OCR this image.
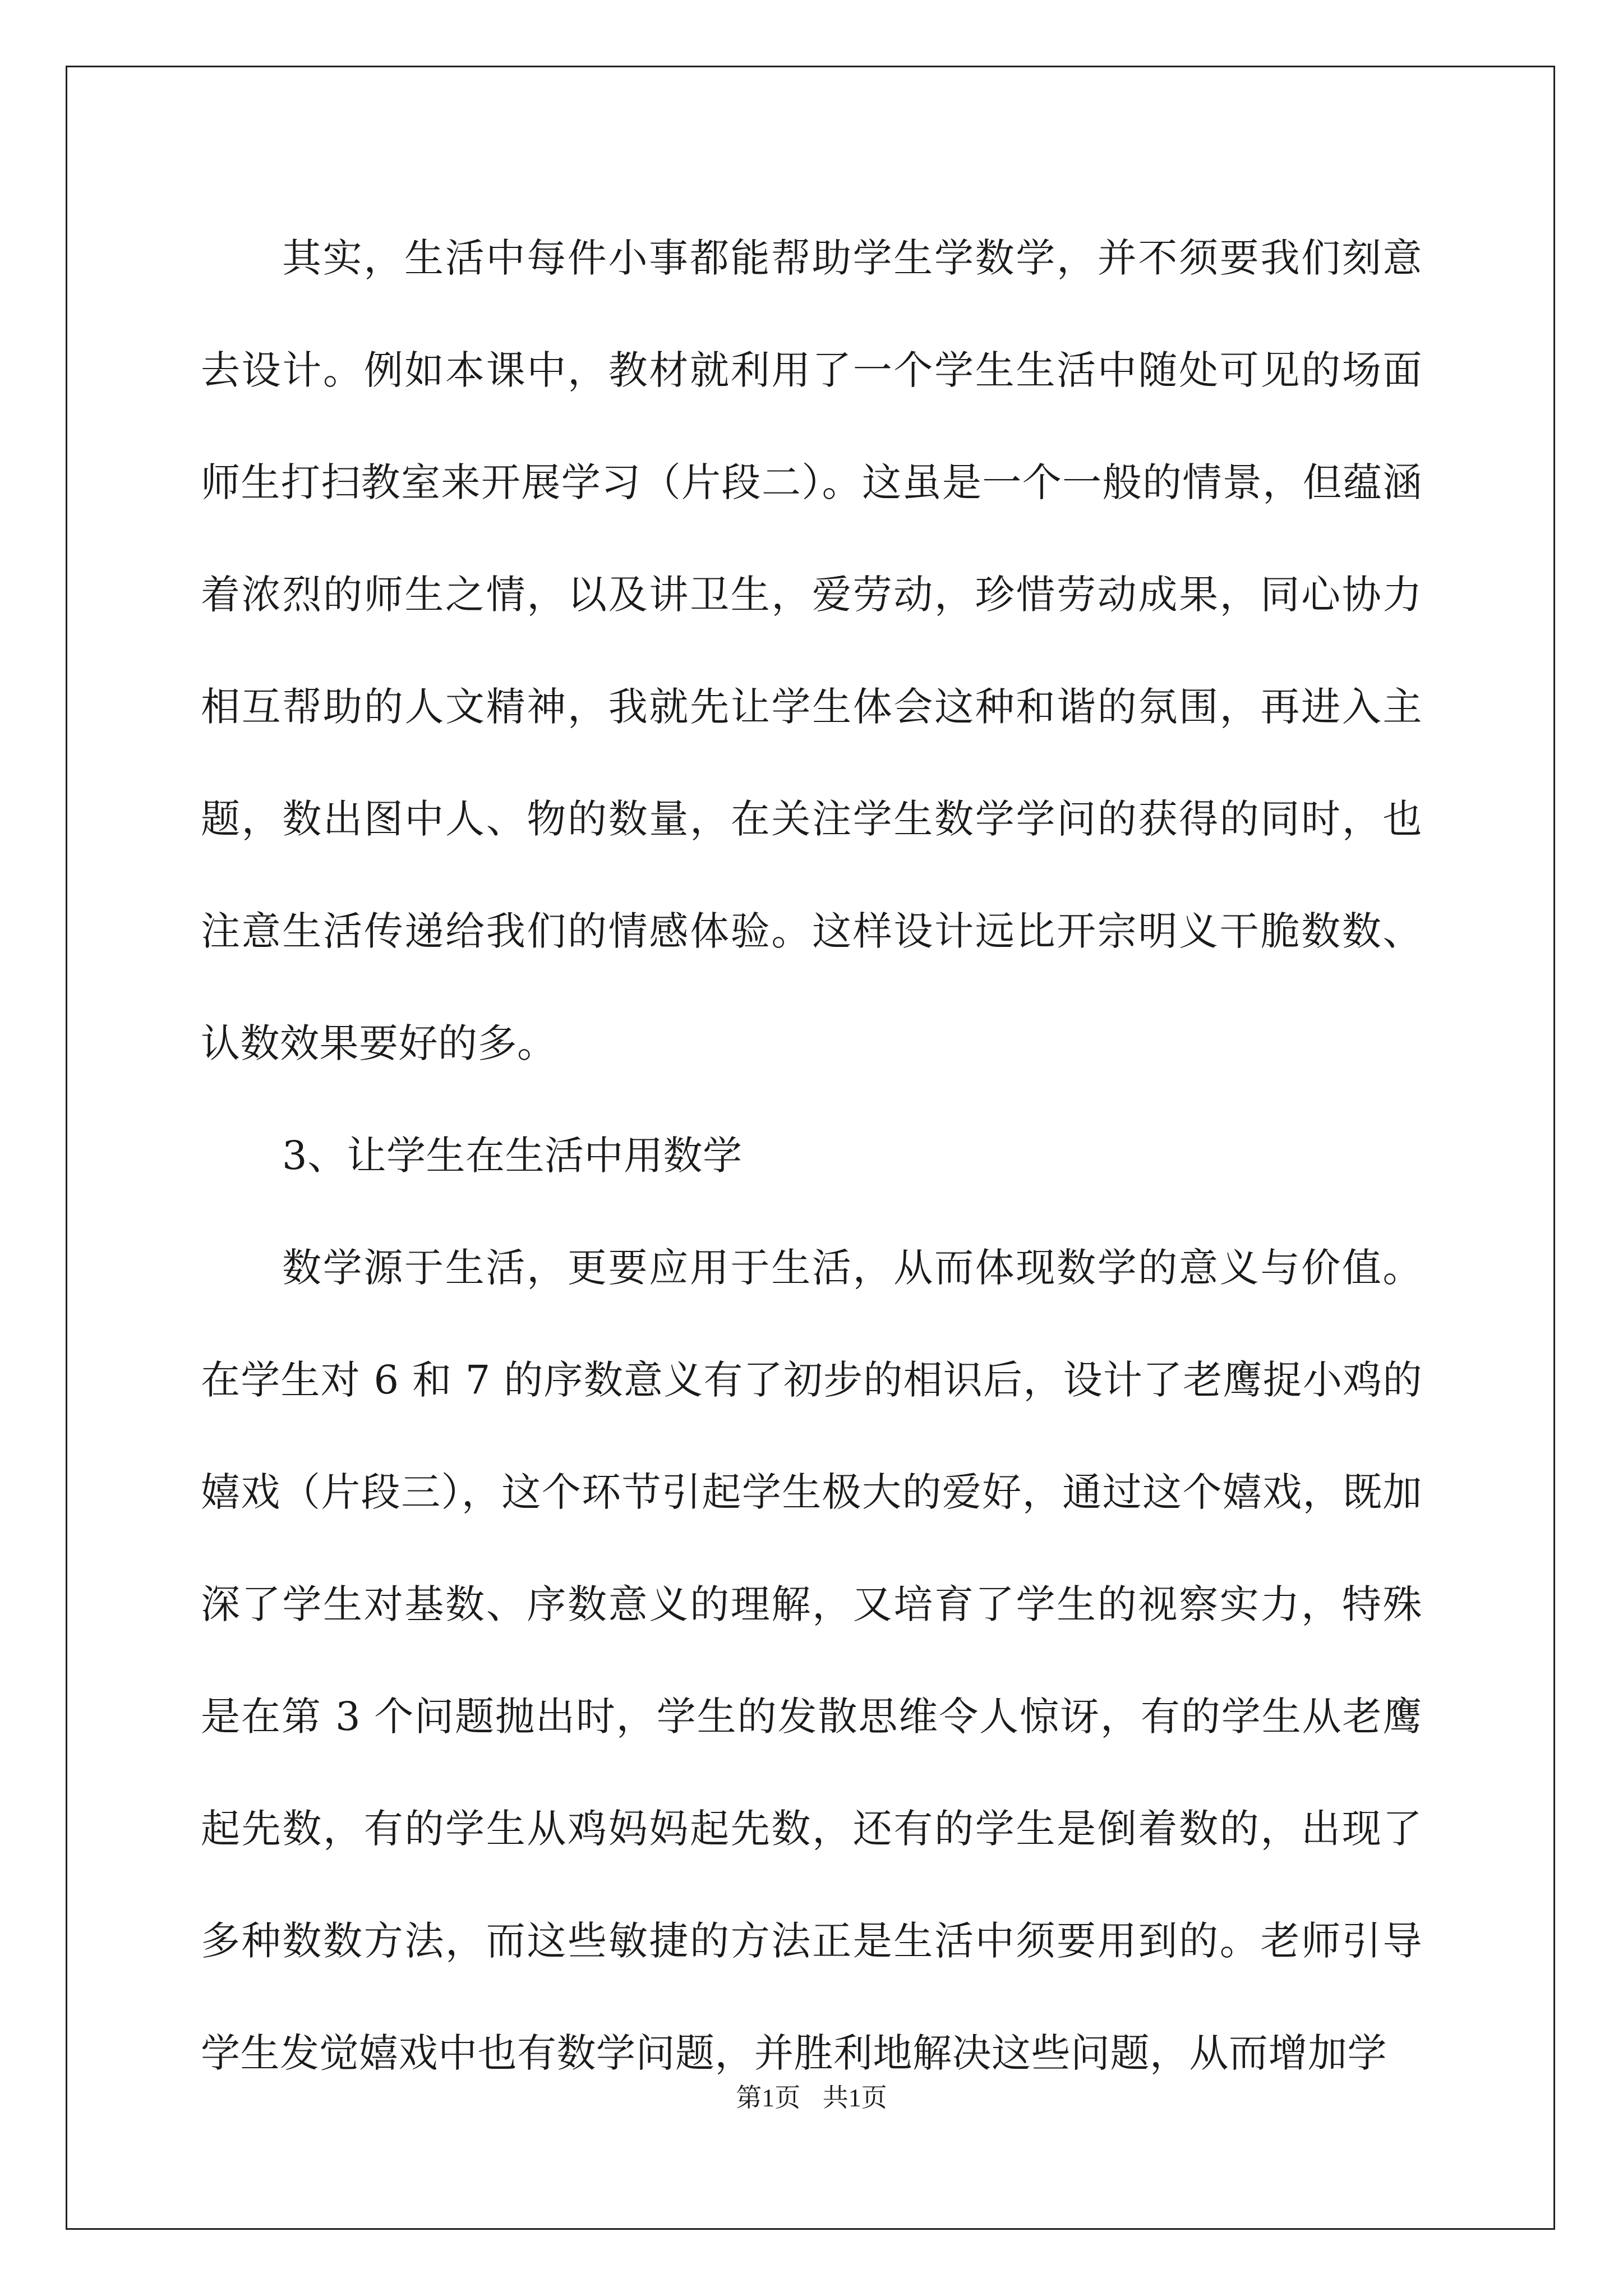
其实，生活中每件小事都能帮助学生学数学，并不须要我们刻意去设计。例如本课中，教材就利用了一个学生生活中随处可见的场面师生打扫教室来开展学习（片段二）。这虽是一个一般的情景，但蕴涵着浓烈的师生之情，以及讲卫生，爱劳动，珍惜劳动成果，同心协力相互帮助的人文精神，我就先让学生体会这种和谐的氛围，再进入主题，数出图中人、物的数量，在关注学生数学学问的获得的同时，也注意生活传递给我们的情感体验。这样设计远比开宗明义干脆数数、认数效果要好的多。

3、让学生在生活中用数学

数学源于生活，更要应用于生活，从而体现数学的意义与价值。在学生对 6 和 7 的序数意义有了初步的相识后，设计了老鹰捉小鸡的嬉戏（片段三），这个环节引起学生极大的爱好，通过这个嬉戏，既加深了学生对基数、序数意义的理解，又培育了学生的视察实力，特殊是在第 3 个问题抛出时，学生的发散思维令人惊讶，有的学生从老鹰起先数，有的学生从鸡妈妈起先数，还有的学生是倒着数的，出现了多种数数方法，而这些敏捷的方法正是生活中须要用到的。老师引导学生发觉嬉戏中也有数学问题，并胜利地解决这些问题，从而增加学

第1页 共1页
